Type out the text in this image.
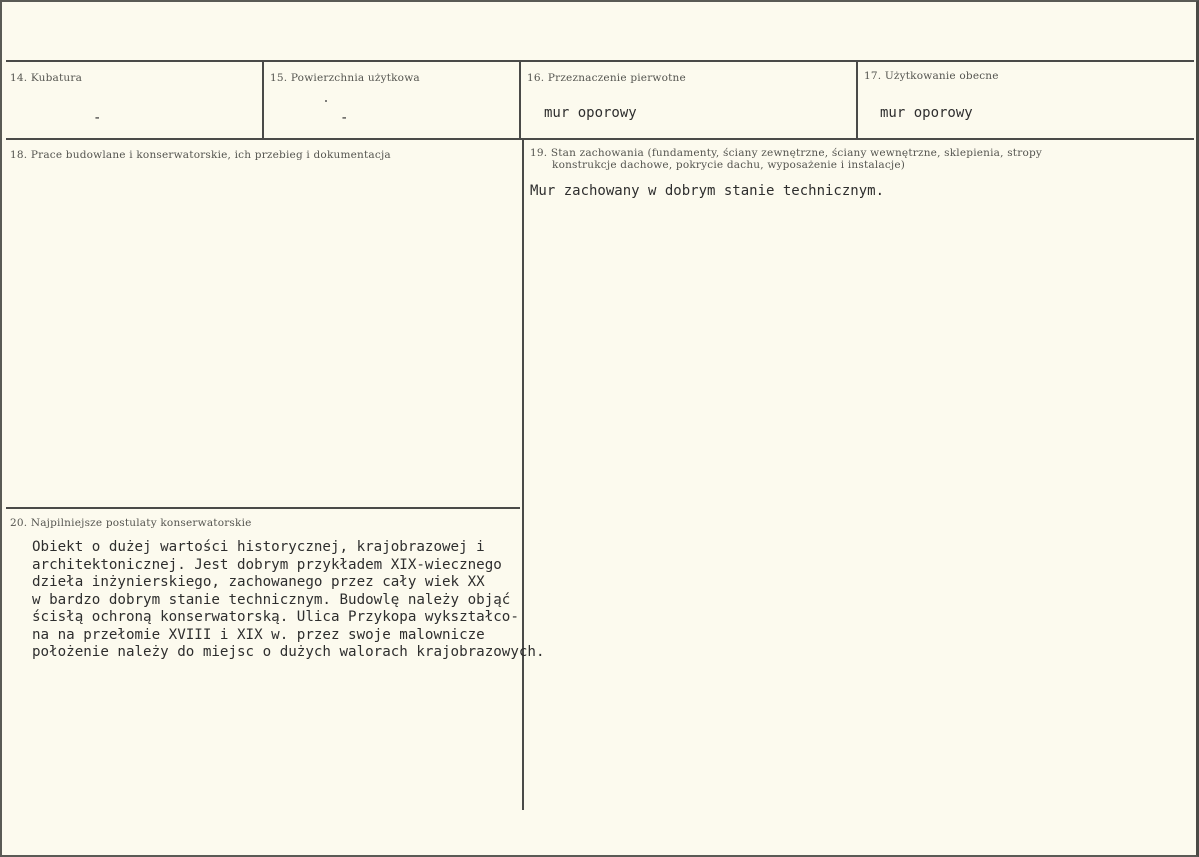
14. Kubatura
-
15. Powierzchnia użytkowa
-
16. Przeznaczenie pierwotne
mur oporowy
17. Użytkowanie obecne
mur oporowy
18. Prace budowlane i konserwatorskie, ich przebieg i dokumentacja	19. Stan zachowania (fundamenty, ściany zewnętrzne, ściany wewnętrzne, sklepienia, stropy
konstrukcje dachowe, pokrycie dachu, wyposażenie i instalacje)
Mur zachowany w dobrym stanie technicznym.
20. Najpilniejsze postulaty konserwatorskie
Obiekt o dużej wartości historycznej, krajobrazowej i
architektonicznej. Jest dobrym przykładem XIX-wiecznego
dzieła inżynierskiego, zachowanego przez cały wiek XX
w bardzo dobrym stanie technicznym. Budowlę należy objąć
ścisłą ochroną konserwatorską. Ulica Przykopa wykształco-
na na przełomie XVIII i XIX w. przez swoje malownicze
położenie należy do miejsc o dużych walorach krajobrazowych.
